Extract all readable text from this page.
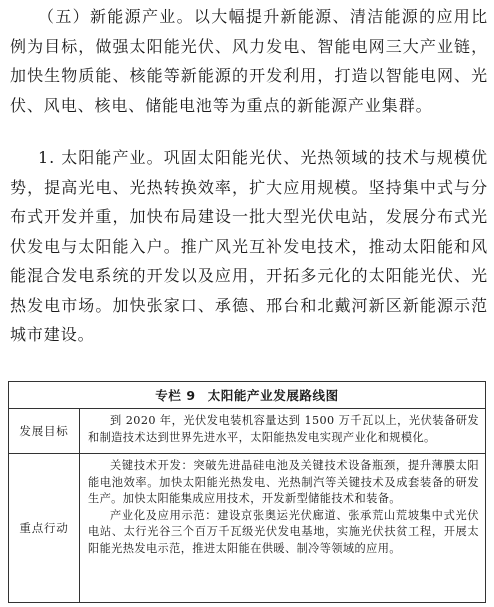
（五）新能源产业。以大幅提升新能源、清洁能源的应用比例为目标，做强太阳能光伏、风力发电、智能电网三大产业链，加快生物质能、核能等新能源的开发利用，打造以智能电网、光伏、风电、核电、储能电池等为重点的新能源产业集群。

1. 太阳能产业。巩固太阳能光伏、光热领域的技术与规模优势，提高光电、光热转换效率，扩大应用规模。坚持集中式与分布式开发并重，加快布局建设一批大型光伏电站，发展分布式光伏发电与太阳能入户。推广风光互补发电技术，推动太阳能和风能混合发电系统的开发以及应用，开拓多元化的太阳能光伏、光热发电市场。加快张家口、承德、邢台和北戴河新区新能源示范城市建设。

专栏 9 太阳能产业发展路线图
发展目标

到 2020 年，光伏发电装机容量达到 1500 万千瓦以上，光伏装备研发和制造技术达到世界先进水平，太阳能热发电实现产业化和规模化。

重点行动

关键技术开发：突破先进晶硅电池及关键技术设备瓶颈，提升薄膜太阳能电池效率。加快太阳能光热发电、光热制汽等关键技术及成套装备的研发生产。加快太阳能集成应用技术，开发新型储能技术和装备。

产业化及应用示范：建设京张奥运光伏廊道、张承荒山荒坡集中式光伏电站、太行光谷三个百万千瓦级光伏发电基地，实施光伏扶贫工程，开展太阳能光热发电示范，推进太阳能在供暖、制冷等领域的应用。
